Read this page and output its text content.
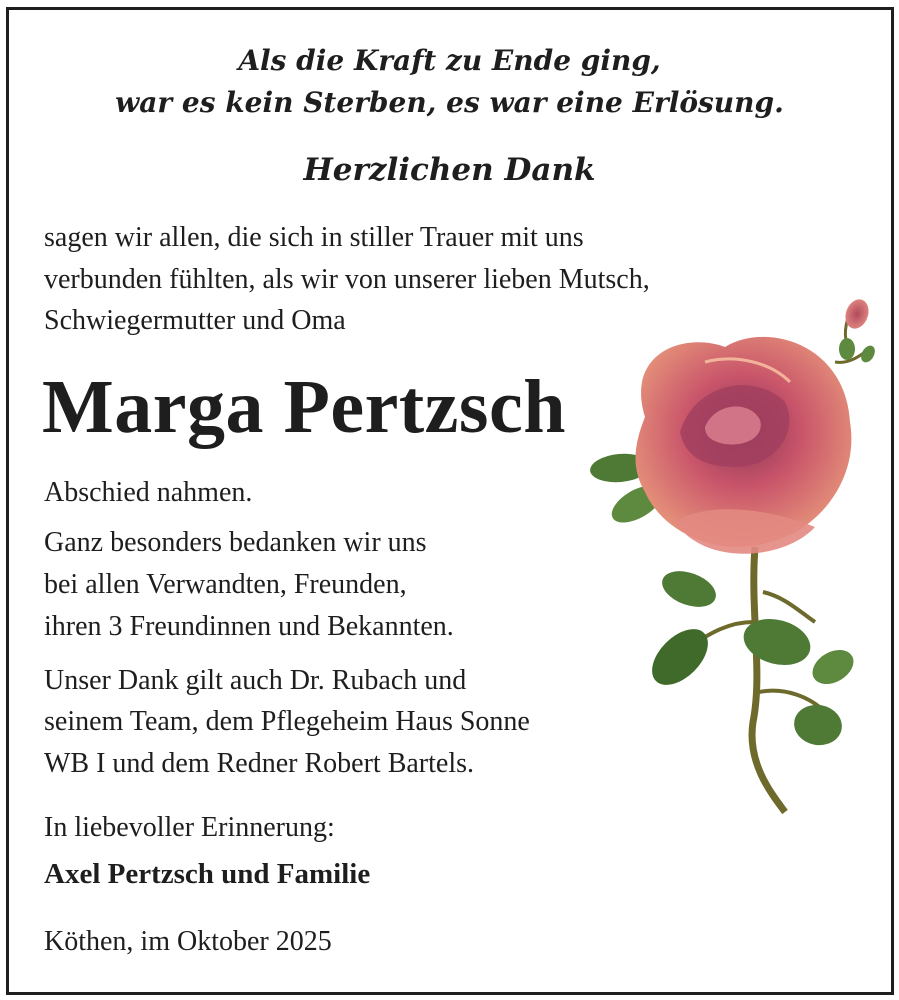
Als die Kraft zu Ende ging,

war es kein Sterben, es war eine Erlösung.

Herzlichen Dank

sagen wir allen, die sich in stiller Trauer mit uns

verbunden fühlten, als wir von unserer lieben Mutsch,

Schwiegermutter und Oma

Marga Pertzsch

Abschied nahmen.

Ganz besonders bedanken wir uns

bei allen Verwandten, Freunden,

ihren 3 Freundinnen und Bekannten.

Unser Dank gilt auch Dr. Rubach und

seinem Team, dem Pflegeheim Haus Sonne

WB I und dem Redner Robert Bartels.

In liebevoller Erinnerung:

Axel Pertzsch und Familie

Köthen, im Oktober 2025
